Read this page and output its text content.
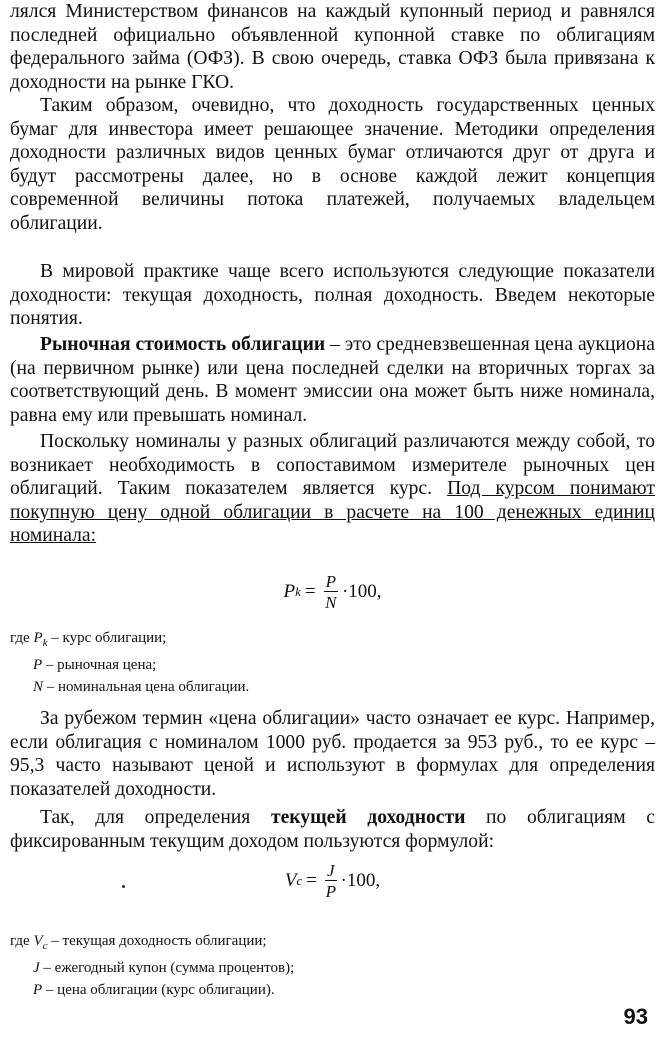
лялся Министерством финансов на каждый купонный период и равнялся последней официально объявленной купонной ставке по облигациям федерального займа (ОФЗ). В свою очередь, ставка ОФЗ была привязана к доходности на рынке ГКО.

Таким образом, очевидно, что доходность государственных ценных бумаг для инвестора имеет решающее значение. Методики определения доходности различных видов ценных бумаг отличаются друг от друга и будут рассмотрены далее, но в основе каждой лежит концепция современной величины потока платежей, получаемых владельцем облигации.

В мировой практике чаще всего используются следующие показатели доходности: текущая доходность, полная доходность. Введем некоторые понятия.

Рыночная стоимость облигации – это средневзвешенная цена аукциона (на первичном рынке) или цена последней сделки на вторичных торгах за соответствующий день. В момент эмиссии она может быть ниже номинала, равна ему или превышать номинал.

Поскольку номиналы у разных облигаций различаются между собой, то возникает необходимость в сопоставимом измерителе рыночных цен облигаций. Таким показателем является курс. Под курсом понимают покупную цену одной облигации в расчете на 100 денежных единиц номинала:

P $k = \frac{P}{N} \cdot 100$,
где $P_k$ – курс облигации;
P – рыночная цена;
N – номинальная цена облигации.

За рубежом термин «цена облигации» часто означает ее курс. Например, если облигация с номиналом 1000 руб. продается за 953 руб., то ее курс – 95,3 часто называют ценой и используют в формулах для определения показателей доходности.

Так, для определения текущей доходности по облигациям с фиксированным текущим доходом пользуются формулой:

V $c = \frac{J}{P} \cdot 100$,
где $V_c$ – текущая доходность облигации;
J – ежегодный купон (сумма процентов);
P – цена облигации (курс облигации).
93
